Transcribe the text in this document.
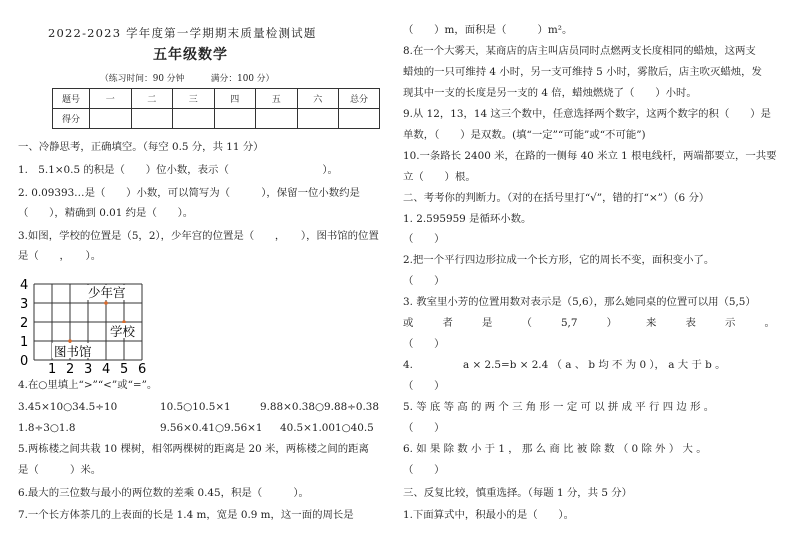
2022-2023 学年度第一学期期末质量检测试题
五年级数学
（练习时间：90 分钟　　　满分：100 分）
题号	一	二	三	四	五	六	总分
得分							
一、冷静思考，正确填空。（每空 0.5 分，共 11 分）
1.　5.1×0.5 的积是（　　）位小数，表示（　　　　　　　　　）。
2. 0.09393…是（　　）小数，可以简写为（　　　），保留一位小数约是
（　　），精确到 0.01 约是（　　）。
3.如图，学校的位置是（5，2），少年宫的位置是（　　，　　），图书馆的位置
是（　　，　　）。
4
3
2
1
0
1 2 3 4 5 6
少年宫
学校
图书馆
4.在○里填上“>”“<”或“=”。
3.45×10○34.5÷10	10.5○10.5×1	9.88×0.38○9.88÷0.38
1.8÷3○1.8	9.56×0.41○9.56×1 40.5×1.001○40.5
5.两栋楼之间共栽 10 棵树，相邻两棵树的距离是 20 米，两栋楼之间的距离
是（　　　）米。
6.最大的三位数与最小的两位数的差乘 0.45，积是（　　　）。
7.一个长方体茶几的上表面的长是 1.4 m，宽是 0.9 m，这一面的周长是
（　　）m，面积是（　　　）m²。
8.在一个大雾天，某商店的店主叫店员同时点燃两支长度相同的蜡烛，这两支
蜡烛的一只可维持 4 小时，另一支可维持 5 小时，雾散后，店主吹灭蜡烛，发
现其中一支的长度是另一支的 4 倍，蜡烛燃烧了（　　）小时。
9.从 12，13，14 这三个数中，任意选择两个数字，这两个数字的积（　　）是
单数，（　　）是双数。(填“一定”“可能”或“不可能”)
10.一条路长 2400 米，在路的一侧每 40 米立 1 根电线杆，两端都要立，一共要
立（　　）根。
二、考考你的判断力。（对的在括号里打“√”，错的打“×”）（6 分）
1. 2.595959 是循环小数。
（　　）
2.把一个平行四边形拉成一个长方形，它的周长不变，面积变小了。
（　　）
3. 教室里小芳的位置用数对表示是（5,6），那么她同桌的位置可以用（5,5）
或	者	是	（	5,7	）	来	表	示	。
（　　）
4.	a × 2.5=b × 2.4 （ a 、 b 均 不 为 0 ）， a 大 于 b 。
（　　）
5. 等 底 等 高 的 两 个 三 角 形 一 定 可 以 拼 成 平 行 四 边 形 。
（　　）
6. 如 果 除 数 小 于 1 ， 那 么 商 比 被 除 数 （ 0 除 外 ） 大 。
（　　）
三、反复比较，慎重选择。（每题 1 分，共 5 分）
1.下面算式中，积最小的是（　　）。
